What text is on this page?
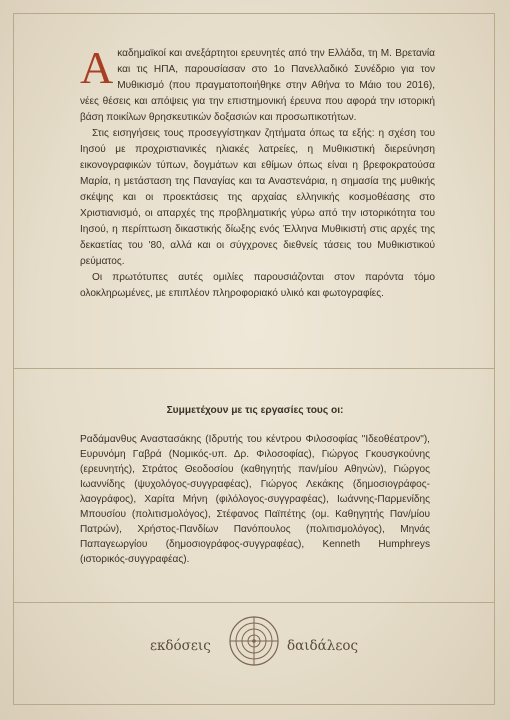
Ακαδημαϊκοί και ανεξάρτητοι ερευνητές από την Ελλάδα, τη Μ. Βρετανία και τις ΗΠΑ, παρουσίασαν στο 1ο Πανελλαδικό Συνέδριο για τον Μυθικισμό (που πραγματοποιήθηκε στην Αθήνα το Μάιο του 2016), νέες θέσεις και απόψεις για την επιστημονική έρευνα που αφορά την ιστορική βάση ποικίλων θρησκευτικών δοξασιών και προσωπικοτήτων.

Στις εισηγήσεις τους προσεγγίστηκαν ζητήματα όπως τα εξής: η σχέση του Ιησού με προχριστιανικές ηλιακές λατρείες, η Μυθικιστική διερεύνηση εικονογραφικών τύπων, δογμάτων και εθίμων όπως είναι η βρεφοκρατούσα Μαρία, η μετάσταση της Παναγίας και τα Αναστενάρια, η σημασία της μυθικής σκέψης και οι προεκτάσεις της αρχαίας ελληνικής κοσμοθέασης στο Χριστιανισμό, οι απαρχές της προβληματικής γύρω από την ιστορικότητα του Ιησού, η περίπτωση δικαστικής δίωξης ενός Έλληνα Μυθικιστή στις αρχές της δεκαετίας του '80, αλλά και οι σύγχρονες διεθνείς τάσεις του Μυθικιστικού ρεύματος.

Οι πρωτότυπες αυτές ομιλίες παρουσιάζονται στον παρόντα τόμο ολοκληρωμένες, με επιπλέον πληροφοριακό υλικό και φωτογραφίες.

Συμμετέχουν με τις εργασίες τους οι:

Ραδάμανθυς Αναστασάκης (Ιδρυτής του κέντρου Φιλοσοφίας "Ιδεοθέατρον"), Ευρυνόμη Γαβρά (Νομικός-υπ. Δρ. Φιλοσοφίας), Γιώργος Γκουσγκούνης (ερευνητής), Στράτος Θεοδοσίου (καθηγητής παν/μίου Αθηνών), Γιώργος Ιωαννίδης (ψυχολόγος-συγγραφέας), Γιώργος Λεκάκης (δημοσιογράφος-λαογράφος), Χαρίτα Μήνη (φιλόλογος-συγγραφέας), Ιωάννης-Παρμενίδης Μπουσίου (πολιτισμολόγος), Στέφανος Παϊπέτης (ομ. Καθηγητής Παν/μίου Πατρών), Χρήστος-Πανδίων Πανόπουλος (πολιτισμολόγος), Μηνάς Παπαγεωργίου (δημοσιογράφος-συγγραφέας), Kenneth Humphreys (ιστορικός-συγγραφέας).

εκδόσεις	δαιδάλεος
